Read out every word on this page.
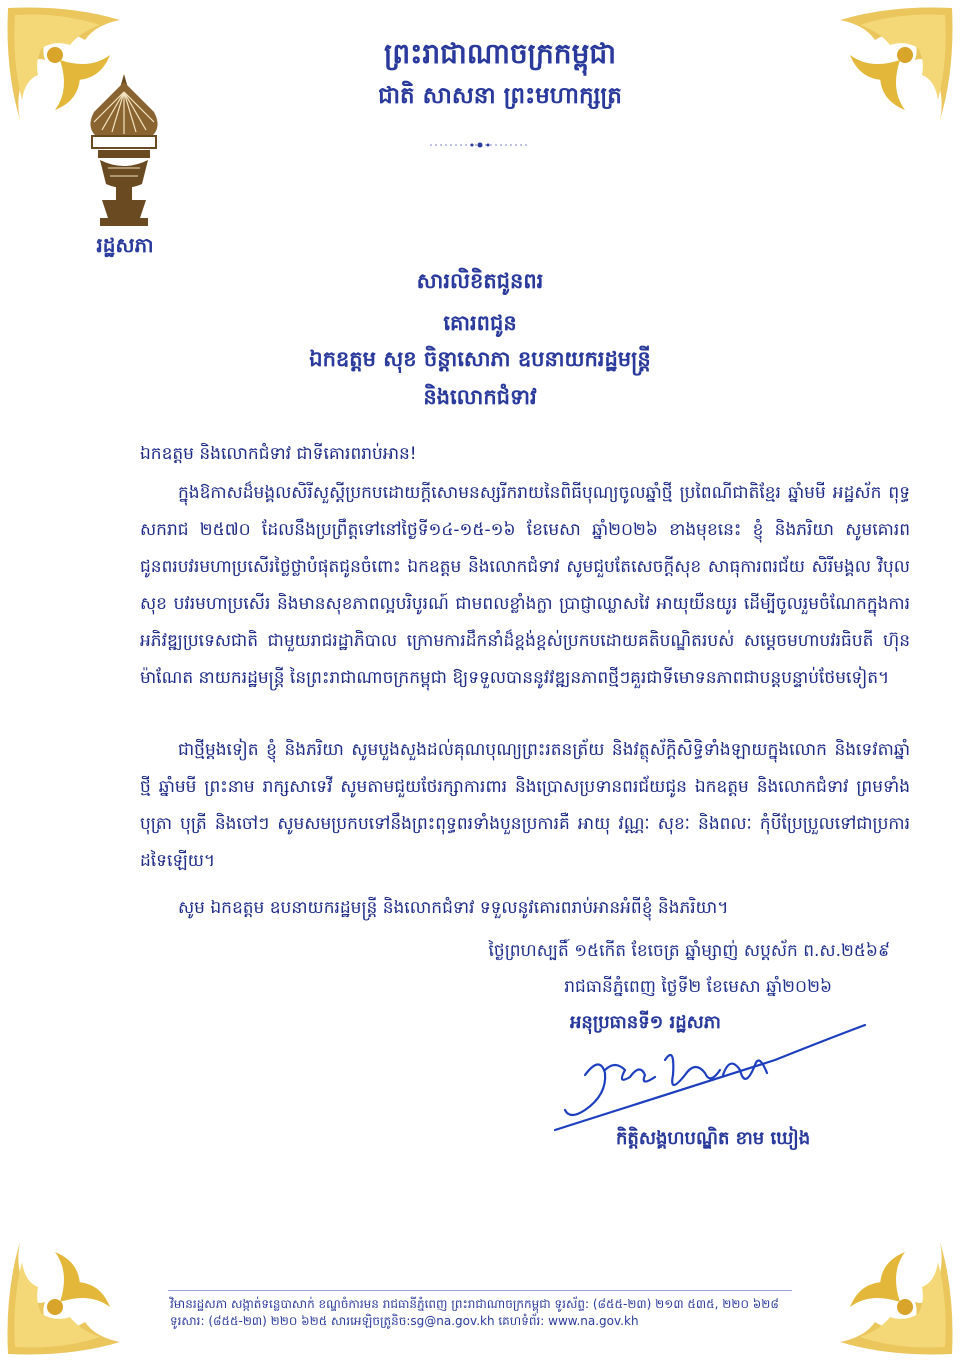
ព្រះរាជាណាចក្រកម្ពុជា
ជាតិ សាសនា ព្រះមហាក្សត្រ
រដ្ឋសភា
សារលិខិតជូនពរ
គោរពជូន
ឯកឧត្តម សុខ ចិន្ដាសោភា ឧបនាយករដ្ឋមន្ដ្រី
និងលោកជំទាវ
ឯកឧត្តម និងលោកជំទាវ ជាទីគោរពរាប់អាន!
ក្នុងឱកាសដ៏មង្គលសិរីសួស្ដីប្រកបដោយក្ដីសោមនស្សរីករាយនៃពិធីបុណ្យចូលឆ្នាំថ្មី ប្រពៃណីជាតិខ្មែរ ឆ្នាំមមី អដ្ឋស័ក ពុទ្ធសករាជ ២៥៧០ ដែលនឹងប្រព្រឹត្តទៅនៅថ្ងៃទី១៤-១៥-១៦ ខែមេសា ឆ្នាំ២០២៦ ខាងមុខនេះ ខ្ញុំ និងភរិយា សូមគោរពជូនពរបវរមហាប្រសើរថ្លៃថ្លាបំផុតជូនចំពោះ ឯកឧត្តម និងលោកជំទាវ សូមជួបតែសេចក្តីសុខ សាធុការពរជ័យ សិរីមង្គល វិបុលសុខ បវរមហាប្រសើរ និងមានសុខភាពល្អបរិបូរណ៍ ជាមពលខ្លាំងក្លា ប្រាជ្ញាឈ្លាសវៃ អាយុយឺនយូរ ដើម្បីចូលរួមចំណែកក្នុងការអភិវឌ្ឍប្រទេសជាតិ ជាមួយរាជរដ្ឋាភិបាល ក្រោមការដឹកនាំដ៏ខ្ពង់ខ្ពស់ប្រកបដោយគតិបណ្ឌិតរបស់ សម្ដេចមហាបវរធិបតី ហ៊ុន ម៉ាណែត នាយករដ្ឋមន្ត្រី នៃព្រះរាជាណាចក្រកម្ពុជា ឱ្យទទួលបាននូវវឌ្ឍនភាពថ្មីៗគួរជាទីមោទនភាពជាបន្តបន្ទាប់ថែមទៀត។
ជាថ្មីម្ដងទៀត ខ្ញុំ និងភរិយា សូមបួងសួងដល់គុណបុណ្យព្រះរតនត្រ័យ និងវត្ថុស័ក្តិសិទ្ធិទាំងឡាយក្នុងលោក និងទេវតាឆ្នាំថ្មី ឆ្នាំមមី ព្រះនាម រាក្សសាទេវី សូមតាមជួយថែរក្សាការពារ និងប្រោសប្រទានពរជ័យជូន ឯកឧត្តម និងលោកជំទាវ ព្រមទាំង បុត្រា បុត្រី និងចៅៗ សូមសមប្រកបទៅនឹងព្រះពុទ្ធពរទាំងបួនប្រការគឺ អាយុ វណ្ណៈ សុខៈ និងពលៈ កុំបីប្រែប្រួលទៅជាប្រការដទៃឡើយ។
សូម ឯកឧត្តម ឧបនាយករដ្ឋមន្ត្រី និងលោកជំទាវ ទទួលនូវគោរពរាប់អានអំពីខ្ញុំ និងភរិយា។
ថ្ងៃព្រហស្បតិ៍ ១៥កើត ខែចេត្រ ឆ្នាំម្សាញ់ សប្តស័ក ព.ស.២៥៦៩
រាជធានីភ្នំពេញ ថ្ងៃទី២ ខែមេសា ឆ្នាំ២០២៦
អនុប្រធានទី១ រដ្ឋសភា
កិត្តិសង្គហបណ្ឌិត ខាម ឃៀង
វិមានរដ្ឋសភា សង្កាត់ទន្លេបាសាក់ ខណ្ឌចំការមន រាជធានីភ្នំពេញ ព្រះរាជាណាចក្រកម្ពុជា ទូរស័ព្ទ: (៨៥៥-២៣) ២១៣ ៥៣៥, ២២០ ៦២៨
ទូរសារ: (៨៥៥-២៣) ២២០ ៦២៥ សារអេឡិចត្រូនិច:sg@na.gov.kh គេហទំព័រ: www.na.gov.kh
